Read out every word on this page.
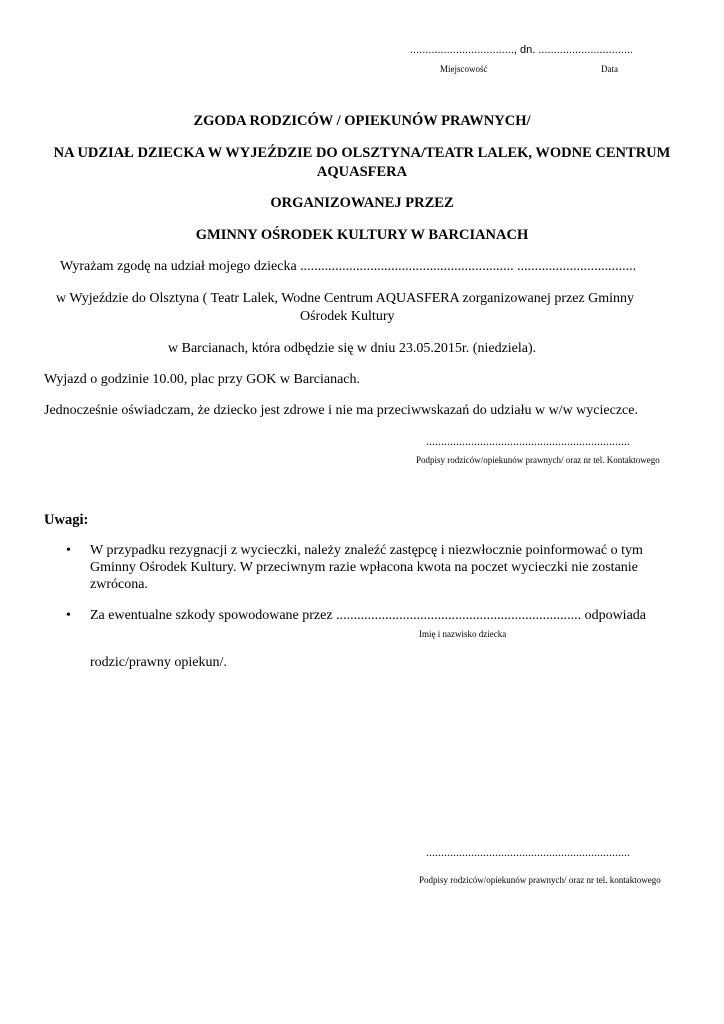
.................................., dn. ...............................
Miejscowość	Data
ZGODA RODZICÓW / OPIEKUNÓW PRAWNYCH/
NA UDZIAŁ DZIECKA W WYJEŹDZIE DO OLSZTYNA/TEATR LALEK, WODNE CENTRUM
AQUASFERA
ORGANIZOWANEJ PRZEZ
GMINNY OŚRODEK KULTURY W BARCIANACH
Wyrażam zgodę na udział mojego dziecka ............................................................. ..................................
w Wyjeździe do Olsztyna ( Teatr Lalek, Wodne Centrum AQUASFERA zorganizowanej przez Gminny
Ośrodek Kultury
w Barcianach, która odbędzie się w dniu 23.05.2015r. (niedziela).
Wyjazd o godzinie 10.00, plac przy GOK w Barcianach.
Jednocześnie oświadczam, że dziecko jest zdrowe i nie ma przeciwwskazań do udziału w w/w wycieczce.
....................................................................
Podpisy rodziców/opiekunów prawnych/ oraz nr tel. Kontaktowego
Uwagi:
• W przypadku rezygnacji z wycieczki, należy znaleźć zastępcę i niezwłocznie poinformować o tym
Gminny Ośrodek Kultury. W przeciwnym razie wpłacona kwota na poczet wycieczki nie zostanie
zwrócona.
• Za ewentualne szkody spowodowane przez ...................................................................... odpowiada
Imię i nazwisko dziecka
rodzic/prawny opiekun/.
....................................................................
Podpisy rodziców/opiekunów prawnych/ oraz nr tel. kontaktowego
